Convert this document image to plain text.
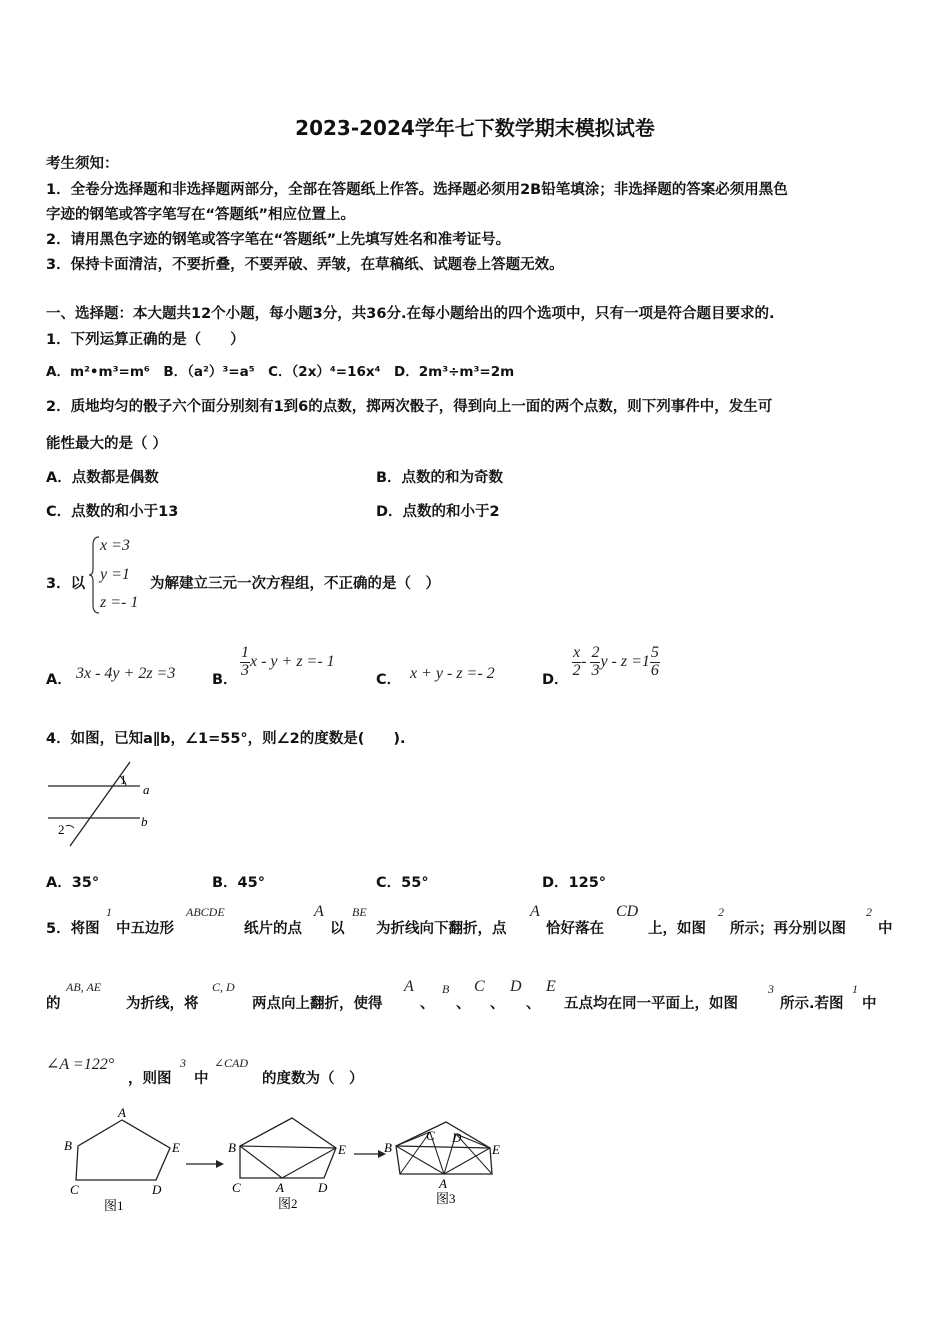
2023-2024学年七下数学期末模拟试卷
考生须知：
1．全卷分选择题和非选择题两部分，全部在答题纸上作答。选择题必须用2B铅笔填涂；非选择题的答案必须用黑色
字迹的钢笔或答字笔写在“答题纸”相应位置上。
2．请用黑色字迹的钢笔或答字笔在“答题纸”上先填写姓名和准考证号。
3．保持卡面清洁，不要折叠，不要弄破、弄皱，在草稿纸、试题卷上答题无效。
一、选择题：本大题共12个小题，每小题3分，共36分.在每小题给出的四个选项中，只有一项是符合题目要求的.
1．下列运算正确的是（　　）
A．m²•m³=m⁶　B．（a²）³=a⁵　C．（2x）⁴=16x⁴　D．2m³÷m³=2m
2．质地均匀的骰子六个面分别刻有1到6的点数，掷两次骰子，得到向上一面的两个点数，则下列事件中，发生可
能性最大的是（ ）
A．点数都是偶数	B．点数的和为奇数
C．点数的和小于13	D．点数的和小于2
3．以
x =3
y =1
z =- 1
为解建立三元一次方程组，不正确的是（　）
A． 3x - 4y + 2z =3	B．
$\frac{1}{3}$ x - y + z =- 1
C． x + y - z =- 2	D．
$\frac{x}{2} - \frac{2}{3}$ $y - z =1 \frac{5}{6}$
4．如图，已知a∥b，∠1=55°，则∠2的度数是(　　).
a
b
1
2
A．35°	B．45°	C．55°	D．125°
5．将图
1
中五边形
ABCDE
纸片的点
A
以
BE
为折线向下翻折，点
A
恰好落在
CD
上，如图
2
所示；再分别以图
2
中
的
AB, AE
为折线，将
C, D
两点向上翻折，使得
A
、
B
、
C
、
D
、
E
五点均在同一平面上，如图
3
所示.若图
1
中
∠A =122°
，则图
3
中
∠CAD
的度数为（　）
A
B
C	D
E
图1
B	E
C	A	D
图2
B
C D
E
A
图3
